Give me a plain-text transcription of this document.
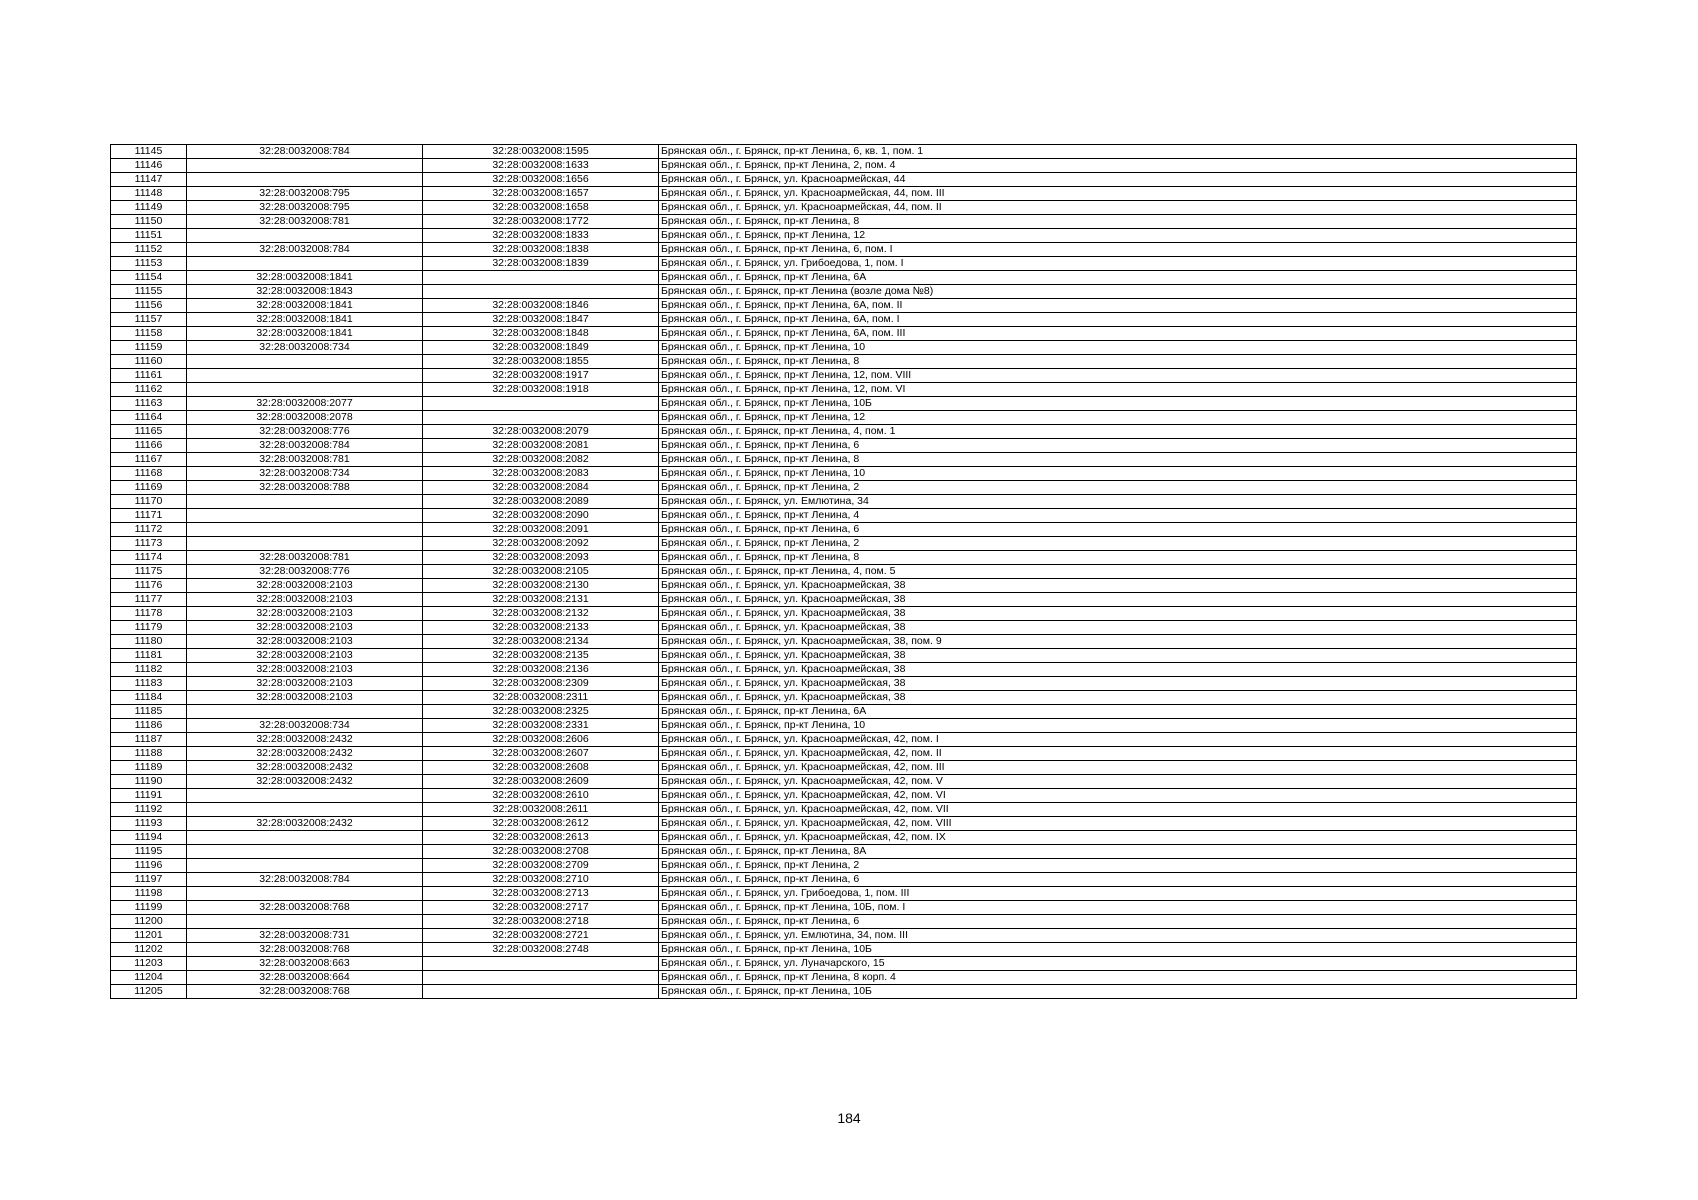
11145	32:28:0032008:784	32:28:0032008:1595	Брянская обл., г. Брянск, пр-кт Ленина, 6, кв. 1, пом. 1
11146		32:28:0032008:1633	Брянская обл., г. Брянск, пр-кт Ленина, 2, пом. 4
11147		32:28:0032008:1656	Брянская обл., г. Брянск, ул. Красноармейская, 44
11148	32:28:0032008:795	32:28:0032008:1657	Брянская обл., г. Брянск, ул. Красноармейская, 44, пом. III
11149	32:28:0032008:795	32:28:0032008:1658	Брянская обл., г. Брянск, ул. Красноармейская, 44, пом. II
11150	32:28:0032008:781	32:28:0032008:1772	Брянская обл., г. Брянск, пр-кт Ленина, 8
11151		32:28:0032008:1833	Брянская обл., г. Брянск, пр-кт Ленина, 12
11152	32:28:0032008:784	32:28:0032008:1838	Брянская обл., г. Брянск, пр-кт Ленина, 6, пом. I
11153		32:28:0032008:1839	Брянская обл., г. Брянск, ул. Грибоедова, 1, пом. I
11154	32:28:0032008:1841		Брянская обл., г. Брянск, пр-кт Ленина, 6А
11155	32:28:0032008:1843		Брянская обл., г. Брянск, пр-кт Ленина (возле дома №8)
11156	32:28:0032008:1841	32:28:0032008:1846	Брянская обл., г. Брянск, пр-кт Ленина, 6А, пом. II
11157	32:28:0032008:1841	32:28:0032008:1847	Брянская обл., г. Брянск, пр-кт Ленина, 6А, пом. I
11158	32:28:0032008:1841	32:28:0032008:1848	Брянская обл., г. Брянск, пр-кт Ленина, 6А, пом. III
11159	32:28:0032008:734	32:28:0032008:1849	Брянская обл., г. Брянск, пр-кт Ленина, 10
11160		32:28:0032008:1855	Брянская обл., г. Брянск, пр-кт Ленина, 8
11161		32:28:0032008:1917	Брянская обл., г. Брянск, пр-кт Ленина, 12, пом. VIII
11162		32:28:0032008:1918	Брянская обл., г. Брянск, пр-кт Ленина, 12, пом. VI
11163	32:28:0032008:2077		Брянская обл., г. Брянск, пр-кт Ленина, 10Б
11164	32:28:0032008:2078		Брянская обл., г. Брянск, пр-кт Ленина, 12
11165	32:28:0032008:776	32:28:0032008:2079	Брянская обл., г. Брянск, пр-кт Ленина, 4, пом. 1
11166	32:28:0032008:784	32:28:0032008:2081	Брянская обл., г. Брянск, пр-кт Ленина, 6
11167	32:28:0032008:781	32:28:0032008:2082	Брянская обл., г. Брянск, пр-кт Ленина, 8
11168	32:28:0032008:734	32:28:0032008:2083	Брянская обл., г. Брянск, пр-кт Ленина, 10
11169	32:28:0032008:788	32:28:0032008:2084	Брянская обл., г. Брянск, пр-кт Ленина, 2
11170		32:28:0032008:2089	Брянская обл., г. Брянск, ул. Емлютина, 34
11171		32:28:0032008:2090	Брянская обл., г. Брянск, пр-кт Ленина, 4
11172		32:28:0032008:2091	Брянская обл., г. Брянск, пр-кт Ленина, 6
11173		32:28:0032008:2092	Брянская обл., г. Брянск, пр-кт Ленина, 2
11174	32:28:0032008:781	32:28:0032008:2093	Брянская обл., г. Брянск, пр-кт Ленина, 8
11175	32:28:0032008:776	32:28:0032008:2105	Брянская обл., г. Брянск, пр-кт Ленина, 4, пом. 5
11176	32:28:0032008:2103	32:28:0032008:2130	Брянская обл., г. Брянск, ул. Красноармейская, 38
11177	32:28:0032008:2103	32:28:0032008:2131	Брянская обл., г. Брянск, ул. Красноармейская, 38
11178	32:28:0032008:2103	32:28:0032008:2132	Брянская обл., г. Брянск, ул. Красноармейская, 38
11179	32:28:0032008:2103	32:28:0032008:2133	Брянская обл., г. Брянск, ул. Красноармейская, 38
11180	32:28:0032008:2103	32:28:0032008:2134	Брянская обл., г. Брянск, ул. Красноармейская, 38, пом. 9
11181	32:28:0032008:2103	32:28:0032008:2135	Брянская обл., г. Брянск, ул. Красноармейская, 38
11182	32:28:0032008:2103	32:28:0032008:2136	Брянская обл., г. Брянск, ул. Красноармейская, 38
11183	32:28:0032008:2103	32:28:0032008:2309	Брянская обл., г. Брянск, ул. Красноармейская, 38
11184	32:28:0032008:2103	32:28:0032008:2311	Брянская обл., г. Брянск, ул. Красноармейская, 38
11185		32:28:0032008:2325	Брянская обл., г. Брянск, пр-кт Ленина, 6А
11186	32:28:0032008:734	32:28:0032008:2331	Брянская обл., г. Брянск, пр-кт Ленина, 10
11187	32:28:0032008:2432	32:28:0032008:2606	Брянская обл., г. Брянск, ул. Красноармейская, 42, пом. I
11188	32:28:0032008:2432	32:28:0032008:2607	Брянская обл., г. Брянск, ул. Красноармейская, 42, пом. II
11189	32:28:0032008:2432	32:28:0032008:2608	Брянская обл., г. Брянск, ул. Красноармейская, 42, пом. III
11190	32:28:0032008:2432	32:28:0032008:2609	Брянская обл., г. Брянск, ул. Красноармейская, 42, пом. V
11191		32:28:0032008:2610	Брянская обл., г. Брянск, ул. Красноармейская, 42, пом. VI
11192		32:28:0032008:2611	Брянская обл., г. Брянск, ул. Красноармейская, 42, пом. VII
11193	32:28:0032008:2432	32:28:0032008:2612	Брянская обл., г. Брянск, ул. Красноармейская, 42, пом. VIII
11194		32:28:0032008:2613	Брянская обл., г. Брянск, ул. Красноармейская, 42, пом. IX
11195		32:28:0032008:2708	Брянская обл., г. Брянск, пр-кт Ленина, 8А
11196		32:28:0032008:2709	Брянская обл., г. Брянск, пр-кт Ленина, 2
11197	32:28:0032008:784	32:28:0032008:2710	Брянская обл., г. Брянск, пр-кт Ленина, 6
11198		32:28:0032008:2713	Брянская обл., г. Брянск, ул. Грибоедова, 1, пом. III
11199	32:28:0032008:768	32:28:0032008:2717	Брянская обл., г. Брянск, пр-кт Ленина, 10Б, пом. I
11200		32:28:0032008:2718	Брянская обл., г. Брянск, пр-кт Ленина, 6
11201	32:28:0032008:731	32:28:0032008:2721	Брянская обл., г. Брянск, ул. Емлютина, 34, пом. III
11202	32:28:0032008:768	32:28:0032008:2748	Брянская обл., г. Брянск, пр-кт Ленина, 10Б
11203	32:28:0032008:663		Брянская обл., г. Брянск, ул. Луначарского, 15
11204	32:28:0032008:664		Брянская обл., г. Брянск, пр-кт Ленина, 8 корп. 4
11205	32:28:0032008:768		Брянская обл., г. Брянск, пр-кт Ленина, 10Б
184
